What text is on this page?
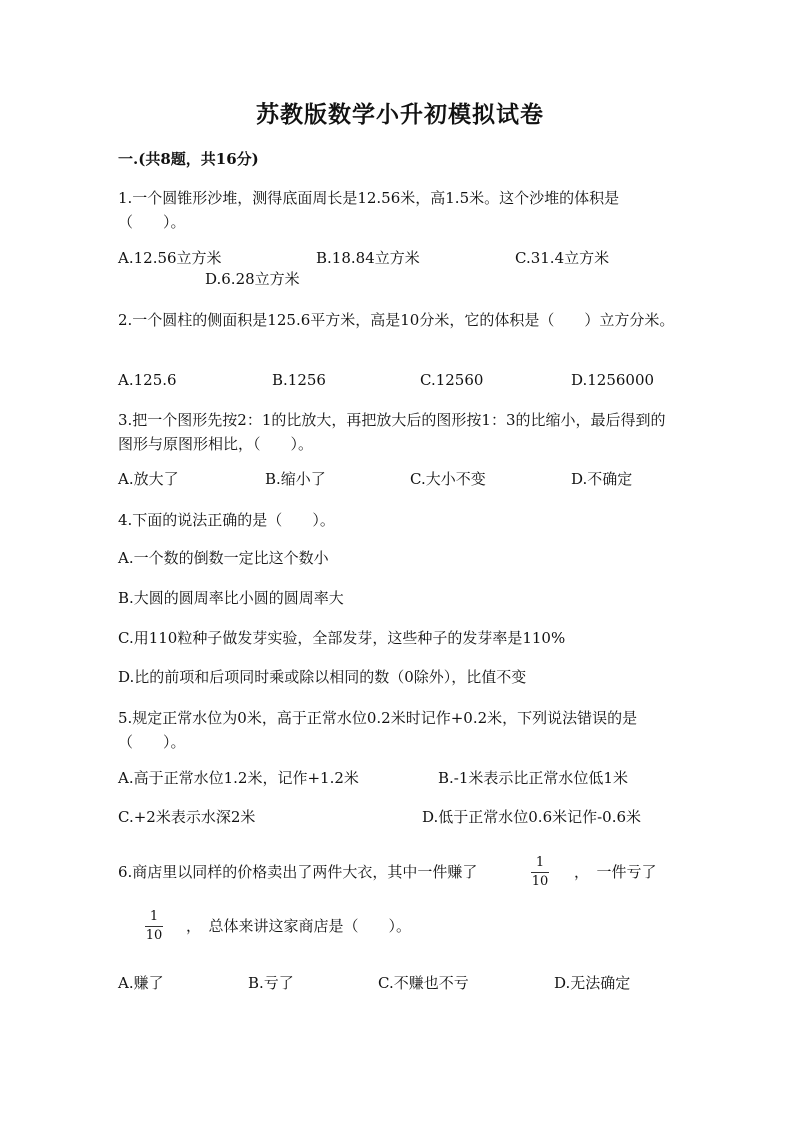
苏教版数学小升初模拟试卷
一.(共8题，共16分)
1.一个圆锥形沙堆，测得底面周长是12.56米，高1.5米。这个沙堆的体积是（　　）。
A.12.56立方米	B.18.84立方米	C.31.4立方米
D.6.28立方米
2.一个圆柱的侧面积是125.6平方米，高是10分米，它的体积是（　　）立方分米。
A.125.6	B.1256	C.12560	D.1256000
3.把一个图形先按2：1的比放大，再把放大后的图形按1：3的比缩小，最后得到的图形与原图形相比，（　　）。
A.放大了	B.缩小了	C.大小不变	D.不确定
4.下面的说法正确的是（　　）。
A.一个数的倒数一定比这个数小
B.大圆的圆周率比小圆的圆周率大
C.用110粒种子做发芽实验，全部发芽，这些种子的发芽率是110%
D.比的前项和后项同时乘或除以相同的数（0除外），比值不变
5.规定正常水位为0米，高于正常水位0.2米时记作+0.2米，下列说法错误的是（　　）。
A.高于正常水位1.2米，记作+1.2米	B.-1米表示比正常水位低1米
C.+2米表示水深2米	D.低于正常水位0.6米记作-0.6米
6.商店里以同样的价格卖出了两件大衣，其中一件赚了
1
10
，　一件亏了
1
10
，　总体来讲这家商店是（　　）。
A.赚了	B.亏了	C.不赚也不亏	D.无法确定
